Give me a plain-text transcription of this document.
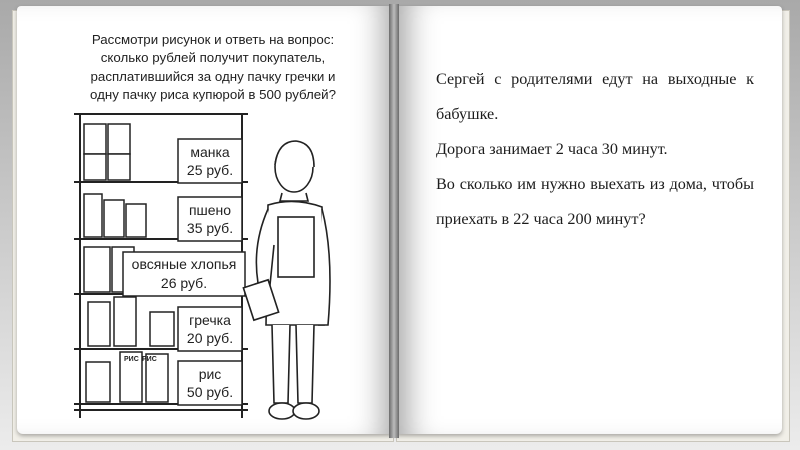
Рассмотри рисунок и ответь на вопрос:
сколько рублей получит покупатель,
расплатившийся за одну пачку гречки и
одну пачку риса купюрой в 500 рублей?
манка
25 руб.
пшено
35 руб.
гречка
20 руб.
рис
50 руб.
овсяные хлопья
26 руб.
РИС РИС

Сергей с родителями едут на выходные к бабушке.

Дорога занимает 2 часа 30 минут.

Во сколько им нужно выехать из дома, чтобы приехать в 22 часа 200 минут?
